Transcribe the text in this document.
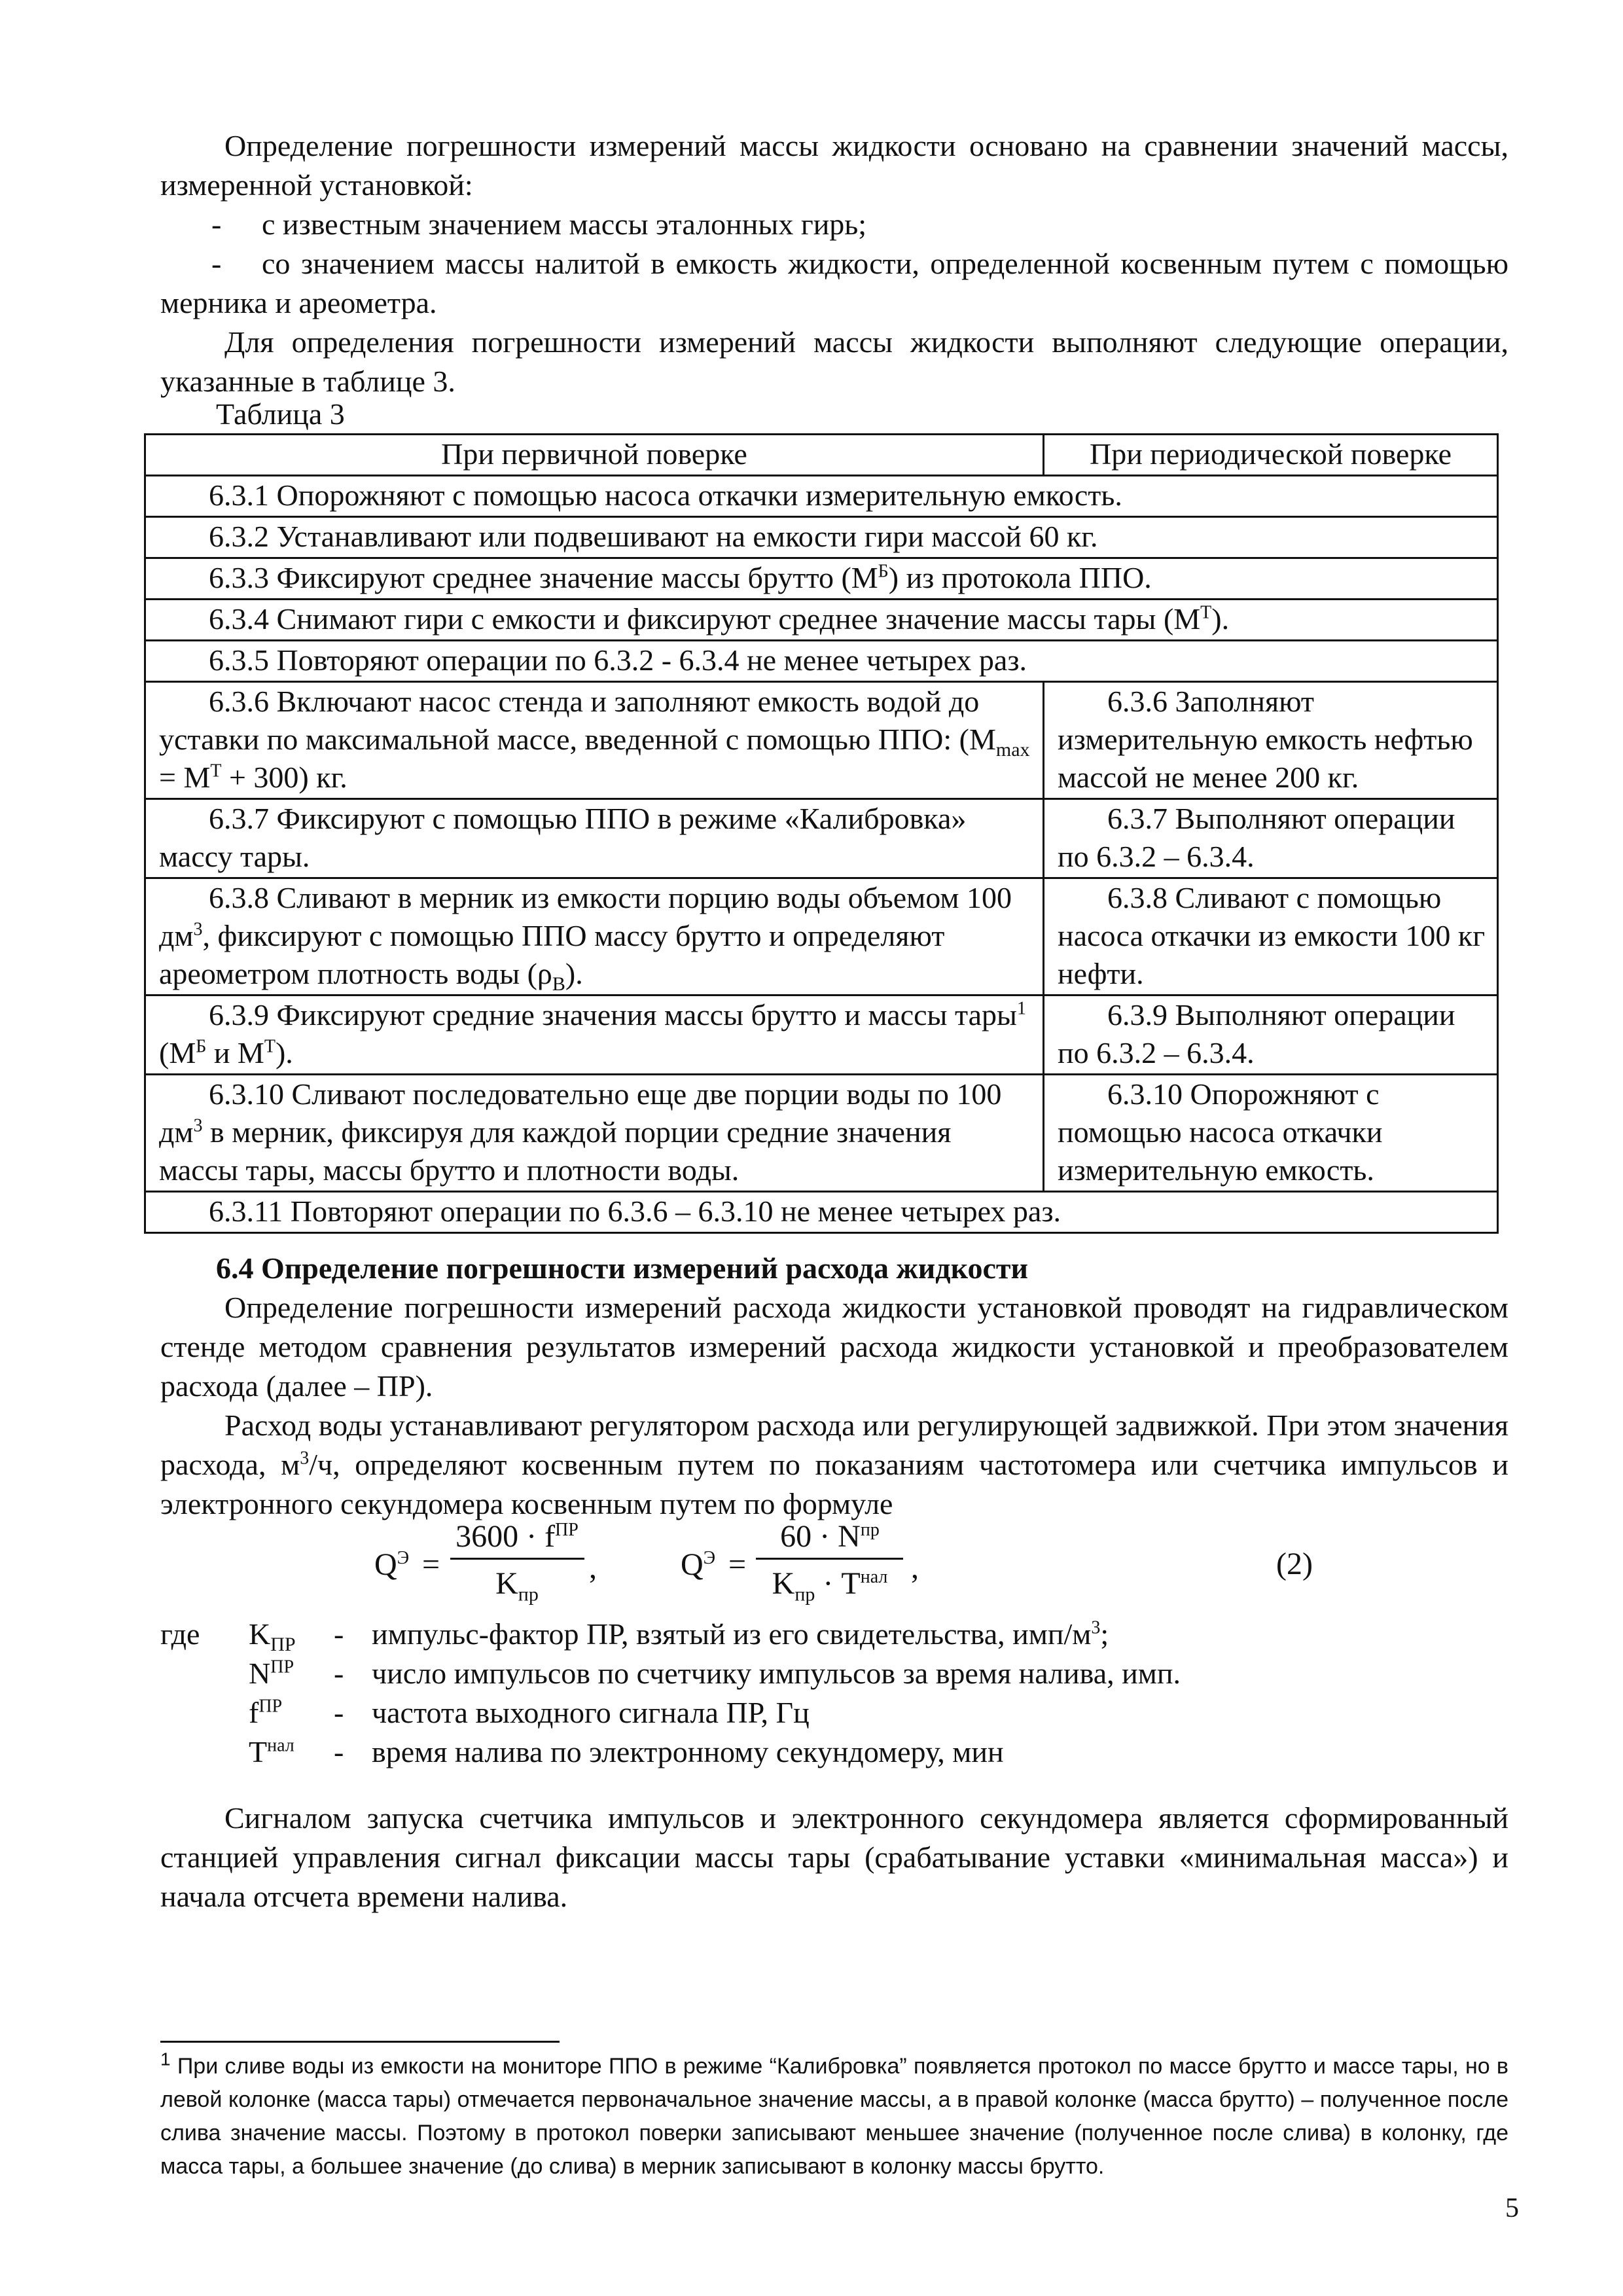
Определение погрешности измерений массы жидкости основано на сравнении значений массы, измеренной установкой:

- с известным значением массы эталонных гирь;

-	со значением массы налитой в емкость жидкости, определенной косвенным путем с помощью мерника и ареометра.

Для определения погрешности измерений массы жидкости выполняют следующие операции, указанные в таблице 3.

Таблица 3

При первичной поверке	При периодической поверке
6.3.1 Опорожняют с помощью насоса откачки измерительную емкость.	
6.3.2 Устанавливают или подвешивают на емкости гири массой 60 кг.	
6.3.3 Фиксируют среднее значение массы брутто $(М^Б)$ из протокола ППО.	
6.3.4 Снимают гири с емкости и фиксируют среднее значение массы тары $(М^Т)$.	
6.3.5 Повторяют операции по 6.3.2 - 6.3.4 не менее четырех раз.	
6.3.6 Включают насос стенда и заполняют емкость водой до уставки по максимальной массе, введенной с помощью ППО: $(М_{max} = М^Т + 300)$ кг.	6.3.6 Заполняют измерительную емкость нефтью массой не менее 200 кг.
6.3.7 Фиксируют с помощью ППО в режиме «Калибровка» массу тары.	6.3.7 Выполняют операции по 6.3.2 – 6.3.4.
6.3.8 Сливают в мерник из емкости порцию воды объемом 100 $дм^3$, фиксируют с помощью ППО массу брутто и определяют ареометром плотность воды $(\rho_В)$.	6.3.8 Сливают с помощью насоса откачки из емкости 100 кг нефти.
6.3.9 Фиксируют средние значения массы брутто и массы тары$^1$ ($М^Б$ и $М^Т$).	6.3.9 Выполняют операции по 6.3.2 – 6.3.4.
6.3.10 Сливают последовательно еще две порции воды по 100 $дм^3$ в мерник, фиксируя для каждой порции средние значения массы тары, массы брутто и плотности воды.	6.3.10 Опорожняют с помощью насоса откачки измерительную емкость.
6.3.11 Повторяют операции по 6.3.6 – 6.3.10 не менее четырех раз.	

6.4 Определение погрешности измерений расхода жидкости

Определение погрешности измерений расхода жидкости установкой проводят на гидравлическом стенде методом сравнения результатов измерений расхода жидкости установкой и преобразователем расхода (далее – ПР).

Расход воды устанавливают регулятором расхода или регулирующей задвижкой. При этом значения расхода, $м^3/ч$, определяют косвенным путем по показаниям частотомера или счетчика импульсов и электронного секундомера косвенным путем по формуле

$Q^Э$ =
$3600 \cdot f^{ПР}$
$K_{пр}$
,	$Q^Э$ =
$60 \cdot N^{пр}$
$K_{пр} \cdot T^{нал}$ ,	(2)
где $K_{ПР}$ - импульс-фактор ПР, взятый из его свидетельства, имп/$м^3$;
$N^{ПР}$ - число импульсов по счетчику импульсов за время налива, имп.
$f^{ПР}$ - частота выходного сигнала ПР, Гц
$T^{нал}$ - время налива по электронному секундомеру, мин

Сигналом запуска счетчика импульсов и электронного секундомера является сформированный станцией управления сигнал фиксации массы тары (срабатывание уставки «минимальная масса») и начала отсчета времени налива.

$^1$ При сливе воды из емкости на мониторе ППО в режиме “Калибровка” появляется протокол по массе брутто и массе тары, но в левой колонке (масса тары) отмечается первоначальное значение массы, а в правой колонке (масса брутто) – полученное после слива значение массы. Поэтому в протокол поверки записывают меньшее значение (полученное после слива) в колонку, где масса тары, а большее значение (до слива) в мерник записывают в колонку массы брутто.

5
